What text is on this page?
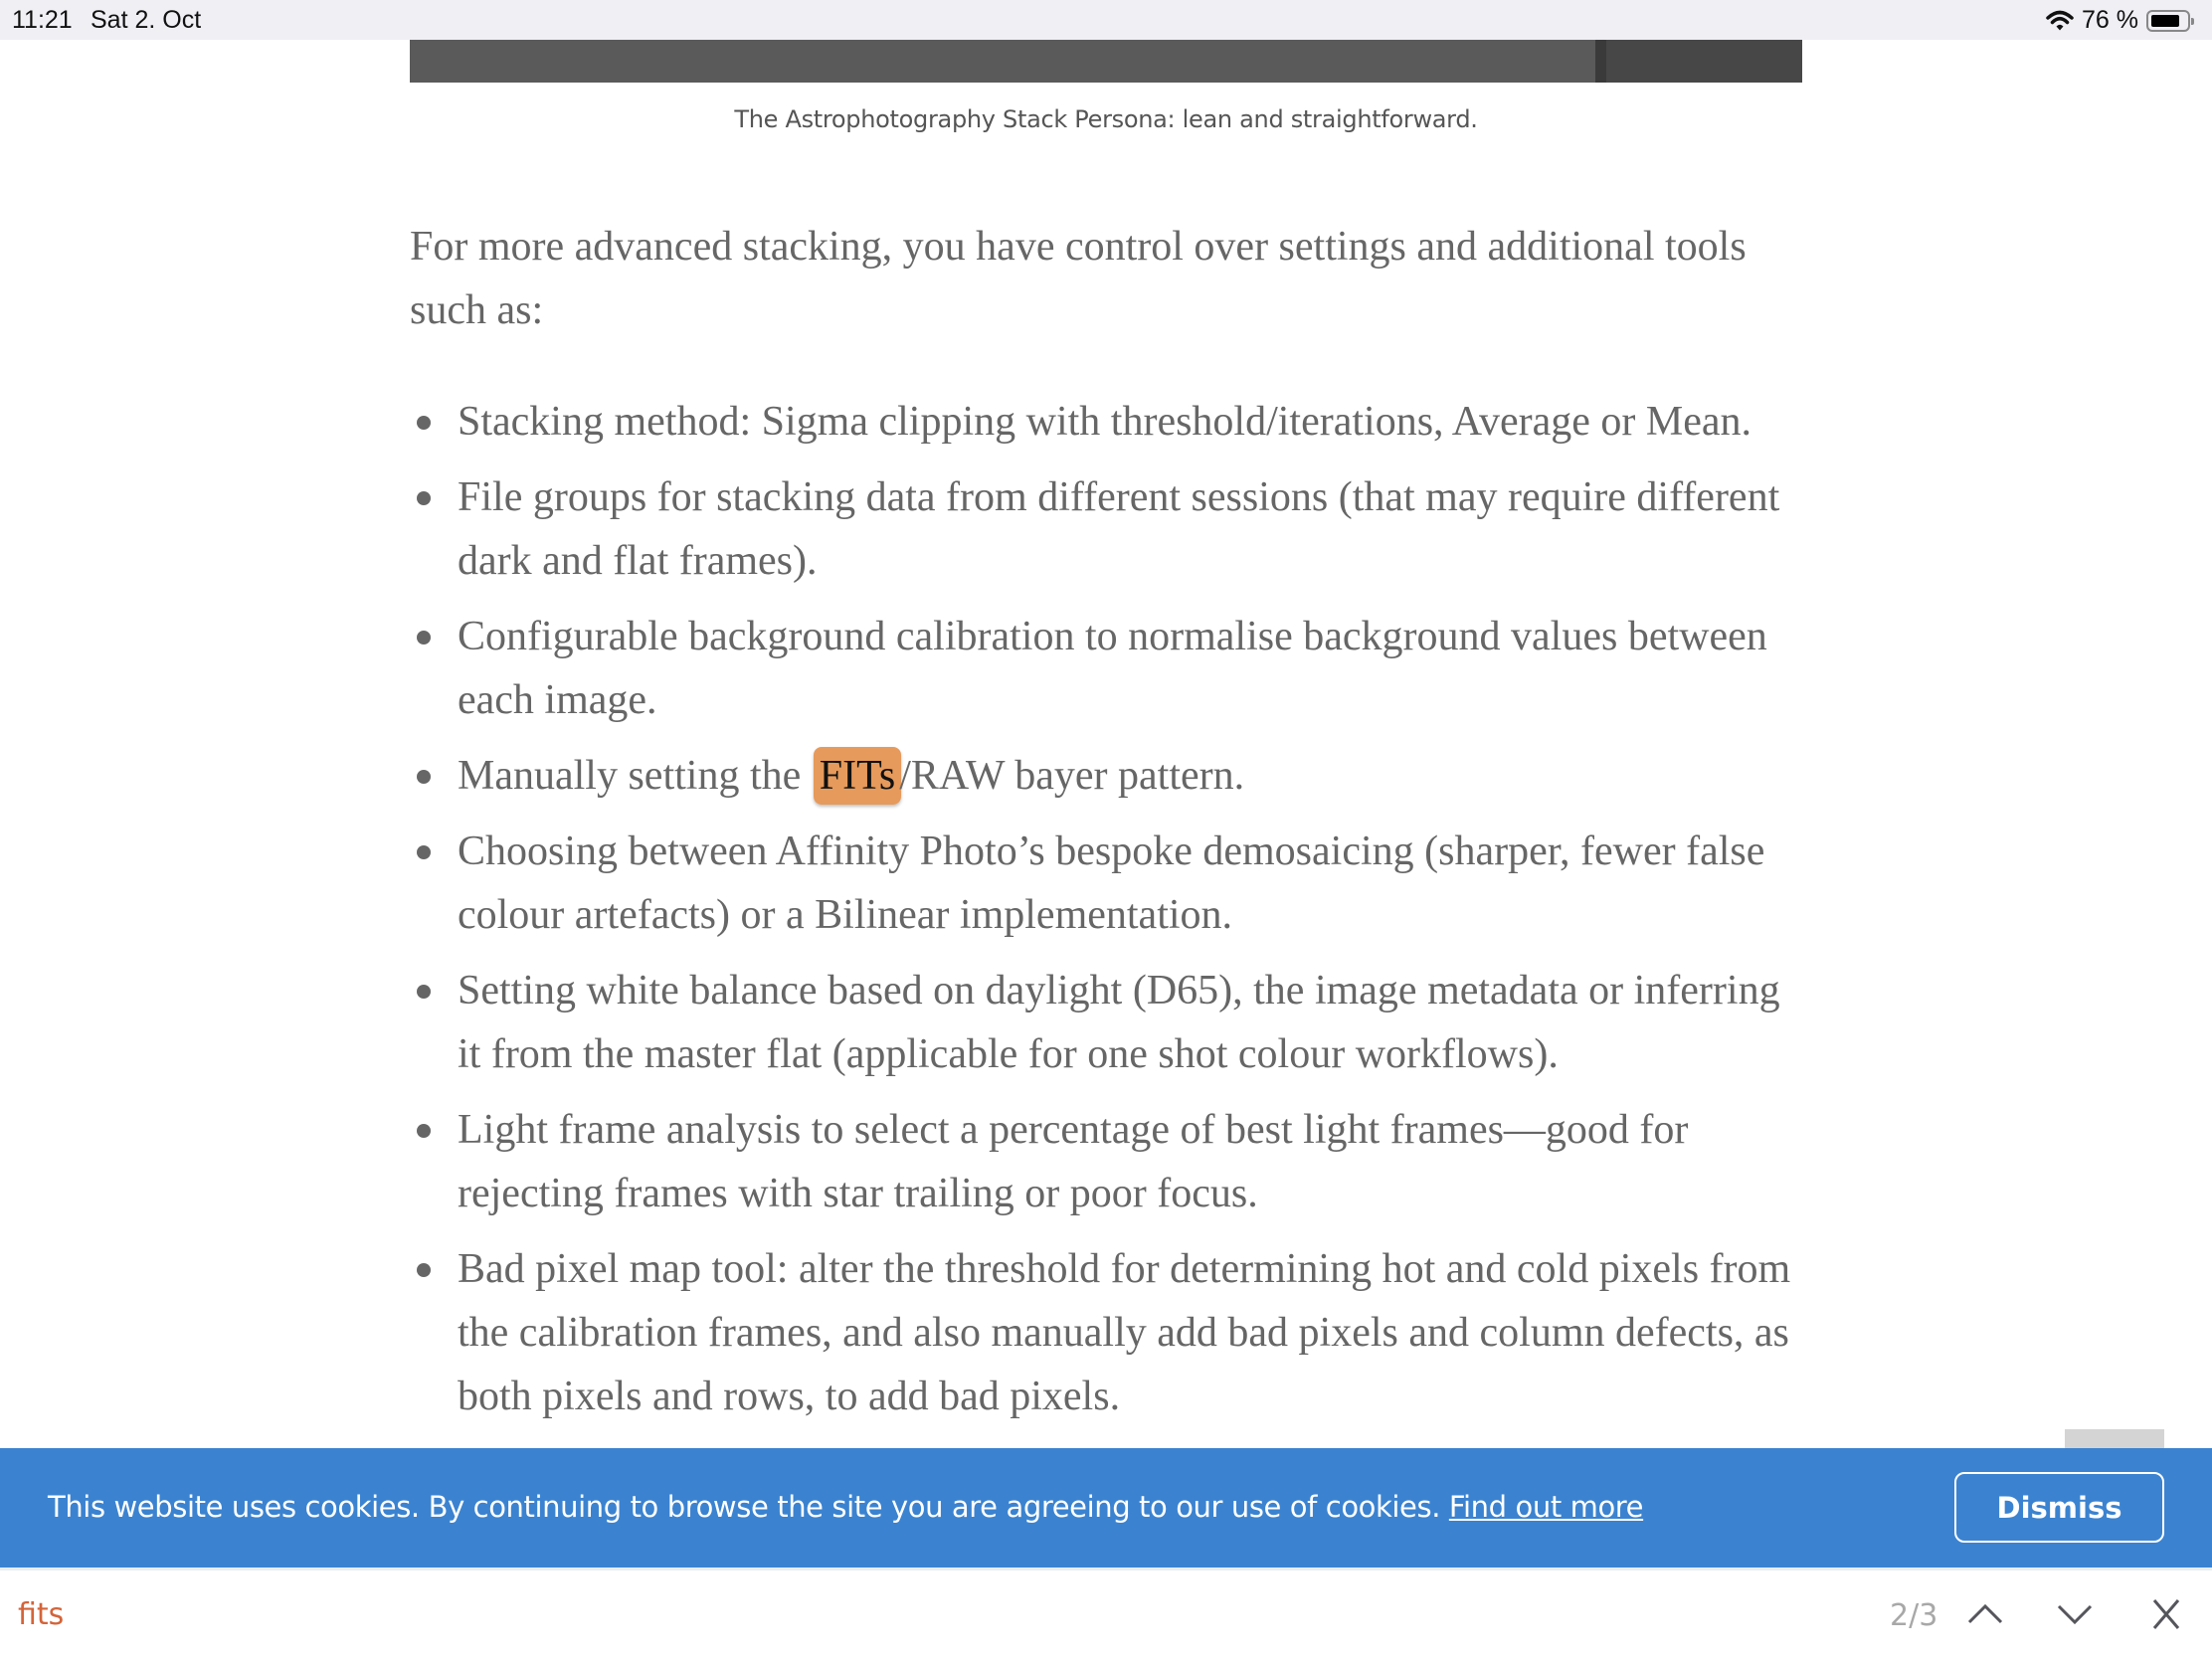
11:21 Sat 2. Oct	76 %
The Astrophotography Stack Persona: lean and straightforward.

For more advanced stacking, you have control over settings and additional tools such as:

Stacking method: Sigma clipping with threshold/iterations, Average or Mean.
File groups for stacking data from different sessions (that may require different dark and flat frames).
Configurable background calibration to normalise background values between each image.
Manually setting the FITs/RAW bayer pattern.
Choosing between Affinity Photo’s bespoke demosaicing (sharper, fewer false colour artefacts) or a Bilinear implementation.
Setting white balance based on daylight (D65), the image metadata or inferring it from the master flat (applicable for one shot colour workflows).
Light frame analysis to select a percentage of best light frames—good for rejecting frames with star trailing or poor focus.
Bad pixel map tool: alter the threshold for determining hot and cold pixels from the calibration frames, and also manually add bad pixels and column defects, as both pixels and rows, to add bad pixels.
This website uses cookies. By continuing to browse the site you are agreeing to our use of cookies. Find out more	Dismiss
fits
2/3
